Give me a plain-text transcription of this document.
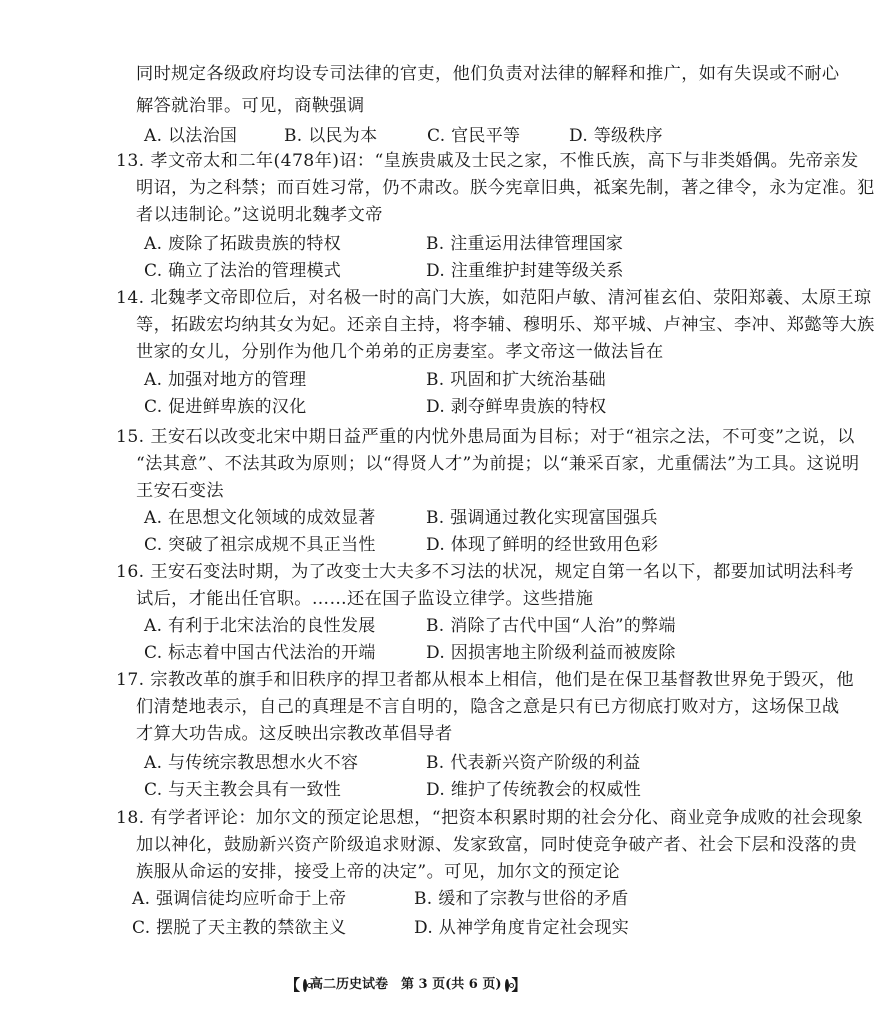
同时规定各级政府均设专司法律的官吏，他们负责对法律的解释和推广，如有失误或不耐心
解答就治罪。可见，商鞅强调
A. 以法治国	B. 以民为本	C. 官民平等	D. 等级秩序
13. 孝文帝太和二年(478年)诏：“皇族贵戚及士民之家，不惟氏族，高下与非类婚偶。先帝亲发
明诏，为之科禁；而百姓习常，仍不肃改。朕今宪章旧典，祗案先制，著之律令，永为定准。犯
者以违制论。”这说明北魏孝文帝
A. 废除了拓跋贵族的特权	B. 注重运用法律管理国家
C. 确立了法治的管理模式	D. 注重维护封建等级关系
14. 北魏孝文帝即位后，对名极一时的高门大族，如范阳卢敏、清河崔玄伯、荥阳郑羲、太原王琼
等，拓跋宏均纳其女为妃。还亲自主持，将李辅、穆明乐、郑平城、卢神宝、李冲、郑懿等大族
世家的女儿，分别作为他几个弟弟的正房妻室。孝文帝这一做法旨在
A. 加强对地方的管理	B. 巩固和扩大统治基础
C. 促进鲜卑族的汉化	D. 剥夺鲜卑贵族的特权
15. 王安石以改变北宋中期日益严重的内忧外患局面为目标；对于“祖宗之法，不可变”之说，以
“法其意”、不法其政为原则；以“得贤人才”为前提；以“兼采百家，尤重儒法”为工具。这说明
王安石变法
A. 在思想文化领域的成效显著	B. 强调通过教化实现富国强兵
C. 突破了祖宗成规不具正当性	D. 体现了鲜明的经世致用色彩
16. 王安石变法时期，为了改变士大夫多不习法的状况，规定自第一名以下，都要加试明法科考
试后，才能出任官职。……还在国子监设立律学。这些措施
A. 有利于北宋法治的良性发展	B. 消除了古代中国“人治”的弊端
C. 标志着中国古代法治的开端	D. 因损害地主阶级利益而被废除
17. 宗教改革的旗手和旧秩序的捍卫者都从根本上相信，他们是在保卫基督教世界免于毁灭，他
们清楚地表示，自己的真理是不言自明的，隐含之意是只有已方彻底打败对方，这场保卫战
才算大功告成。这反映出宗教改革倡导者
A. 与传统宗教思想水火不容	B. 代表新兴资产阶级的利益
C. 与天主教会具有一致性	D. 维护了传统教会的权威性
18. 有学者评论：加尔文的预定论思想，“把资本积累时期的社会分化、商业竞争成败的社会现象
加以神化，鼓励新兴资产阶级追求财源、发家致富，同时使竞争破产者、社会下层和没落的贵
族服从命运的安排，接受上帝的决定”。可见，加尔文的预定论
A. 强调信徒均应听命于上帝	B. 缓和了宗教与世俗的矛盾
C. 摆脱了天主教的禁欲主义	D. 从神学角度肯定社会现实
【 高二历史试卷　第 3 页(共 6 页) 】
